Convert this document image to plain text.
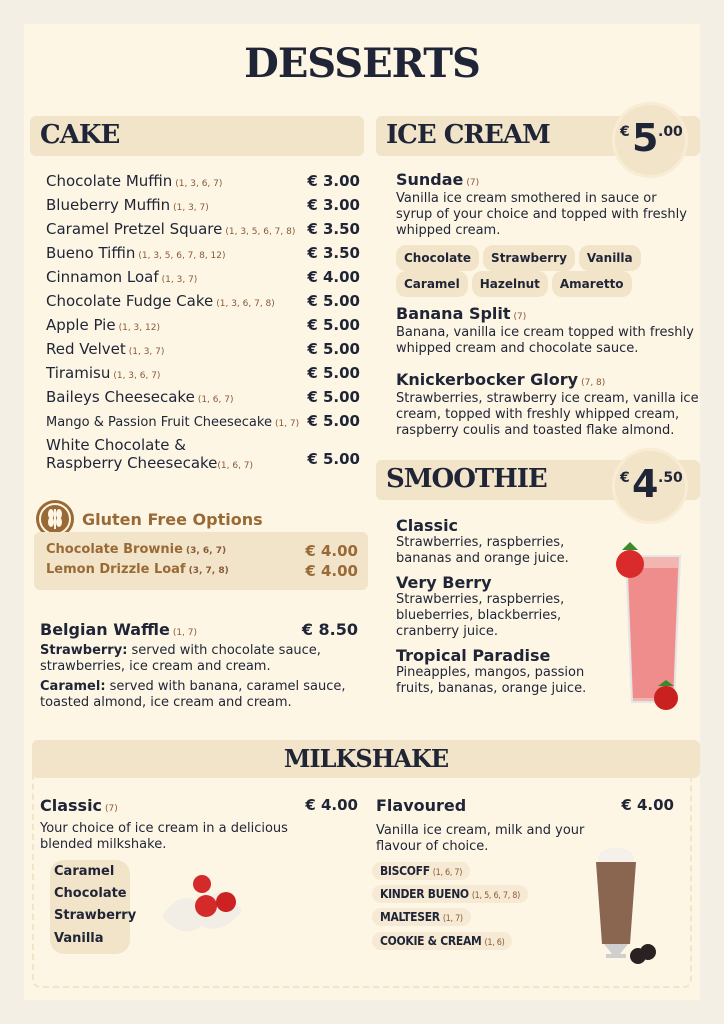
DESSERTS
CAKE
Chocolate Muffin (1, 3, 6, 7)	€ 3.00
Blueberry Muffin (1, 3, 7)	€ 3.00
Caramel Pretzel Square (1, 3, 5, 6, 7, 8) € 3.50
Bueno Tiffin (1, 3, 5, 6, 7, 8, 12)	€ 3.50
Cinnamon Loaf (1, 3, 7)	€ 4.00
Chocolate Fudge Cake (1, 3, 6, 7, 8) € 5.00
Apple Pie (1, 3, 12)	€ 5.00
Red Velvet (1, 3, 7)	€ 5.00
Tiramisu (1, 3, 6, 7)	€ 5.00
Baileys Cheesecake (1, 6, 7)	€ 5.00
Mango & Passion Fruit Cheesecake (1, 7) € 5.00
White Chocolate &
Raspberry Cheesecake(1, 6, 7)	€ 5.00
Gluten Free Options
Chocolate Brownie (3, 6, 7)	€ 4.00
Lemon Drizzle Loaf (3, 7, 8)	€ 4.00
Belgian Waffle (1, 7)	€ 8.50
Strawberry: served with chocolate sauce, strawberries, ice cream and cream.
Caramel: served with banana, caramel sauce, toasted almond, ice cream and cream.
ICE CREAM	€ 5 .00
Sundae (7)
Vanilla ice cream smothered in sauce or syrup of your choice and topped with freshly whipped cream.
Chocolate Strawberry Vanilla
Caramel Hazelnut Amaretto
Banana Split (7)
Banana, vanilla ice cream topped with freshly whipped cream and chocolate sauce.
Knickerbocker Glory (7, 8)
Strawberries, strawberry ice cream, vanilla ice cream, topped with freshly whipped cream, raspberry coulis and toasted flake almond.
SMOOTHIE	€ 4 .50
Classic
Strawberries, raspberries, bananas and orange juice.
Very Berry
Strawberries, raspberries, blueberries, blackberries, cranberry juice.
Tropical Paradise
Pineapples, mangos, passion fruits, bananas, orange juice.
MILKSHAKE
Classic (7)	€ 4.00
Your choice of ice cream in a delicious blended milkshake.
Caramel
Chocolate
Strawberry
Vanilla
Flavoured	€ 4.00
Vanilla ice cream, milk and your flavour of choice.
BISCOFF (1, 6, 7)
KINDER BUENO (1, 5, 6, 7, 8)
MALTESER (1, 7)
COOKIE & CREAM (1, 6)
